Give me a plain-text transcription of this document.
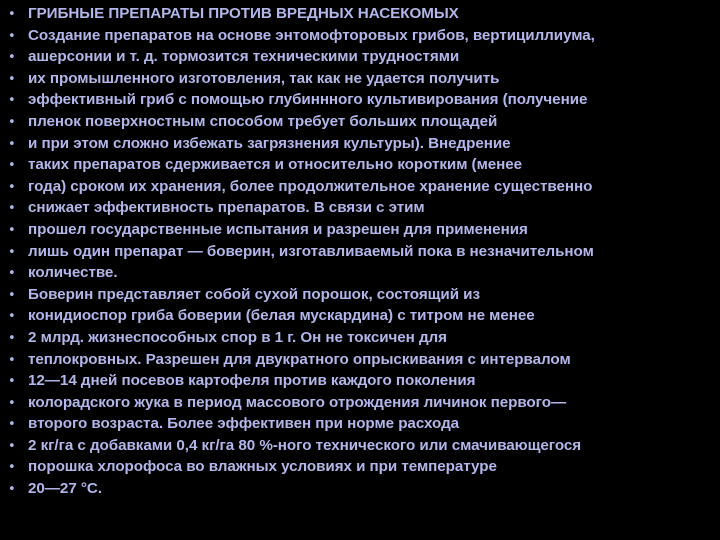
• ГРИБНЫЕ ПРЕПАРАТЫ ПРОТИВ ВРЕДНЫХ НАСЕКОМЫХ
• Создание препаратов на основе энтомофторовых грибов, вертициллиума,
• ашерсонии и т. д. тормозится техническими трудностями
• их промышленного изготовления, так как не удается получить
• эффективный гриб с помощью глубиннного культивирования (получение
• пленок поверхностным способом требует больших площадей
• и при этом сложно избежать загрязнения культуры). Внедрение
• таких препаратов сдерживается и относительно коротким (менее
• года) сроком их хранения, более продолжительное хранение существенно
• снижает эффективность препаратов. В связи с этим
• прошел государственные испытания и разрешен для применения
• лишь один препарат — боверин, изготавливаемый пока в незначительном
• количестве.
• Боверин представляет собой сухой порошок, состоящий из
• конидиоспор гриба боверии (белая мускардина) с титром не менее
• 2 млрд. жизнеспособных спор в 1 г. Он не токсичен для
• теплокровных. Разрешен для двукратного опрыскивания с интервалом
• 12—14 дней посевов картофеля против каждого поколения
• колорадского жука в период массового отрождения личинок первого—
• второго возраста. Более эффективен при норме расхода
• 2 кг/га с добавками 0,4 кг/га 80 %-ного технического или смачивающегося
• порошка хлорофоса во влажных условиях и при температуре
• 20—27 °С.
